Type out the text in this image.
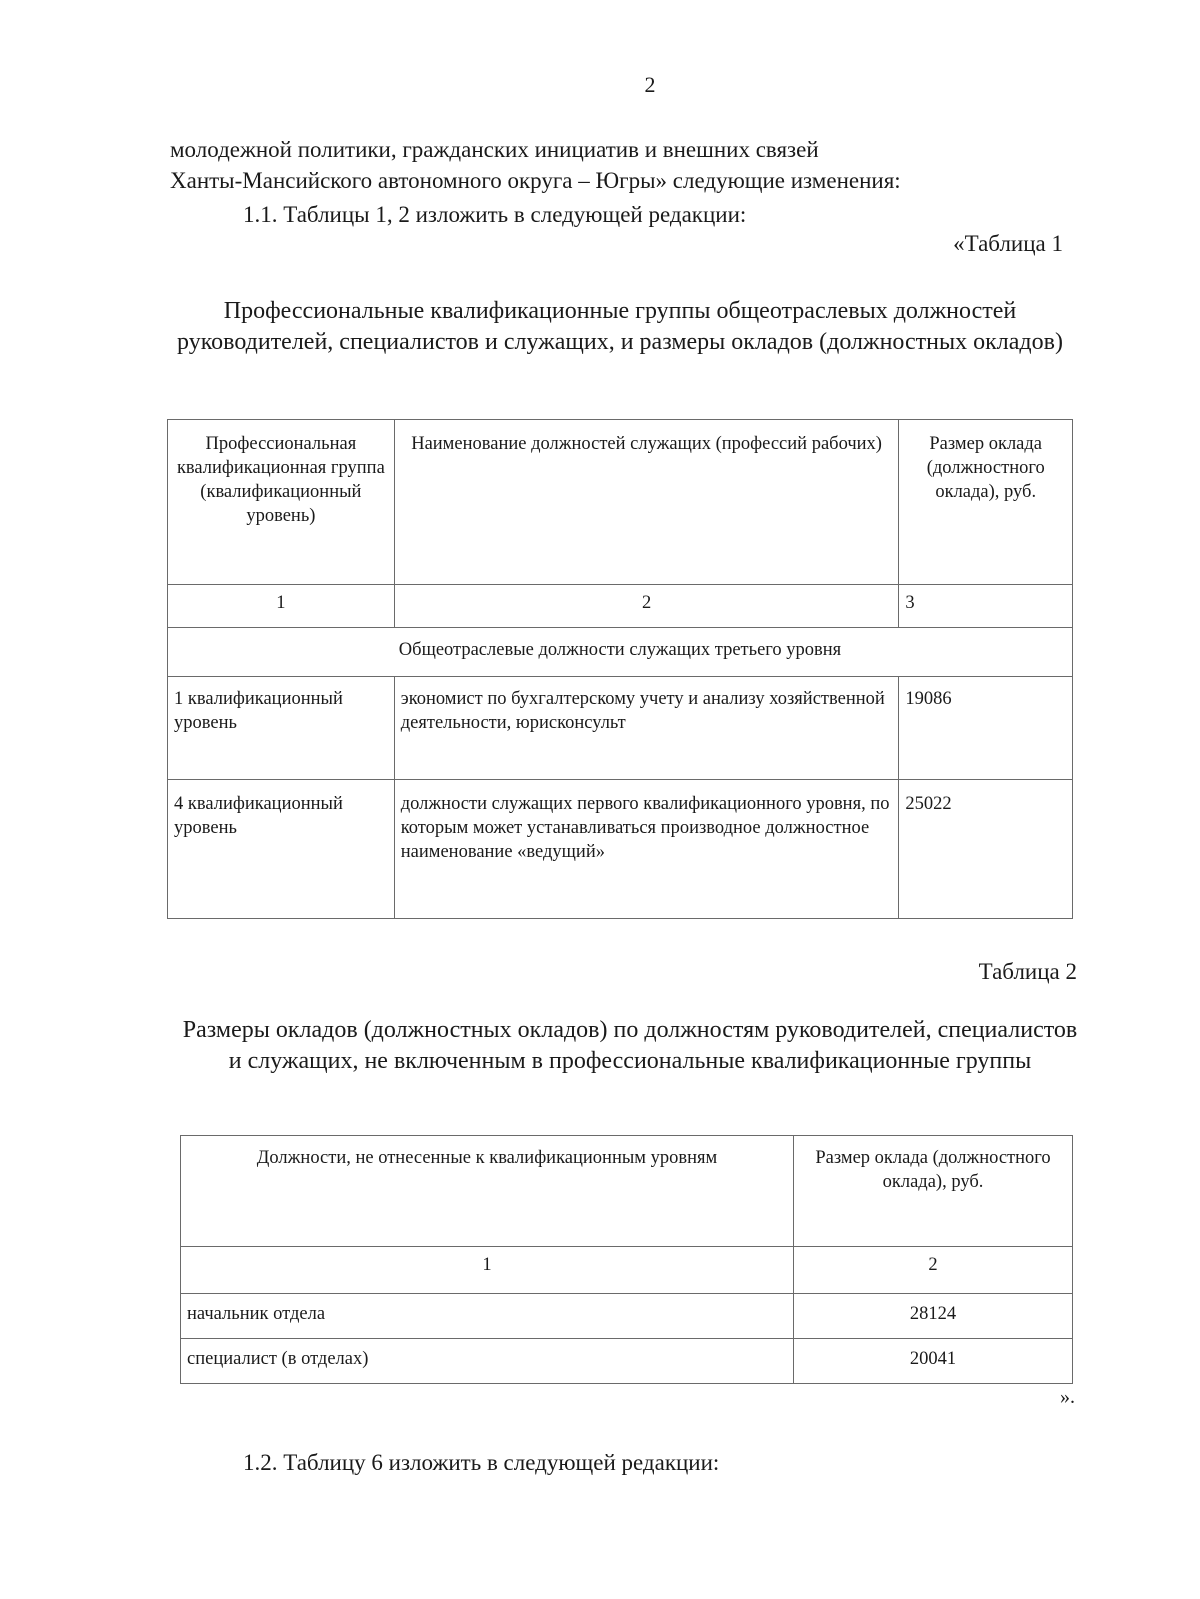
2
молодежной политики, гражданских инициатив и внешних связей
Ханты-Мансийского автономного округа – Югры» следующие изменения:
1.1. Таблицы 1, 2 изложить в следующей редакции:
«Таблица 1
Профессиональные квалификационные группы общеотраслевых должностей руководителей, специалистов и служащих, и размеры окладов (должностных окладов)
Профессиональная квалификационная группа (квалификационный уровень)	Наименование должностей служащих (профессий рабочих)	Размер оклада (должностного оклада), руб.
1	2	3
Общеотраслевые должности служащих третьего уровня		
1 квалификационный уровень	экономист по бухгалтерскому учету и анализу хозяйственной деятельности, юрисконсульт	19086
4 квалификационный уровень	должности служащих первого квалификационного уровня, по которым может устанавливаться производное должностное наименование «ведущий»	25022
Таблица 2
Размеры окладов (должностных окладов) по должностям руководителей, специалистов и служащих, не включенным в профессиональные квалификационные группы
Должности, не отнесенные к квалификационным уровням	Размер оклада (должностного оклада), руб.
1	2
начальник отдела	28124
специалист (в отделах)	20041
».
1.2. Таблицу 6 изложить в следующей редакции:
